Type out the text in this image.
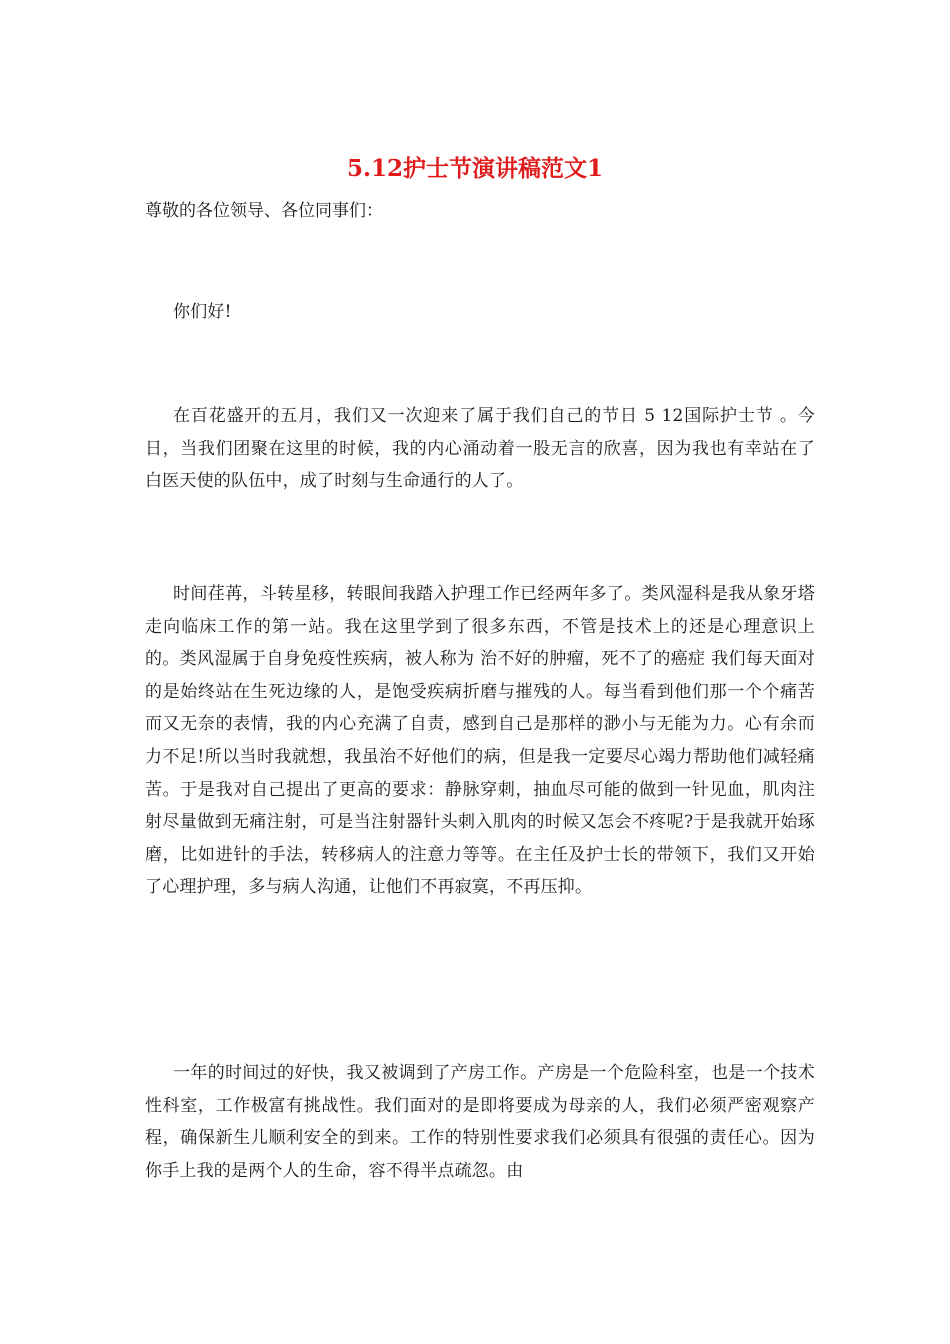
5.12护士节演讲稿范文1
尊敬的各位领导、各位同事们：
你们好!
在百花盛开的五月，我们又一次迎来了属于我们自己的节日 5 12国际护士节 。今日，当我们团聚在这里的时候，我的内心涌动着一股无言的欣喜，因为我也有幸站在了白医天使的队伍中，成了时刻与生命通行的人了。
时间荏苒，斗转星移，转眼间我踏入护理工作已经两年多了。类风湿科是我从象牙塔走向临床工作的第一站。我在这里学到了很多东西，不管是技术上的还是心理意识上的。类风湿属于自身免疫性疾病，被人称为 治不好的肿瘤，死不了的癌症 我们每天面对的是始终站在生死边缘的人，是饱受疾病折磨与摧残的人。每当看到他们那一个个痛苦而又无奈的表情，我的内心充满了自责，感到自己是那样的渺小与无能为力。心有余而力不足!所以当时我就想，我虽治不好他们的病，但是我一定要尽心竭力帮助他们减轻痛苦。于是我对自己提出了更高的要求：静脉穿刺，抽血尽可能的做到一针见血，肌肉注射尽量做到无痛注射，可是当注射器针头刺入肌肉的时候又怎会不疼呢?于是我就开始琢磨，比如进针的手法，转移病人的注意力等等。在主任及护士长的带领下，我们又开始了心理护理，多与病人沟通，让他们不再寂寞，不再压抑。
一年的时间过的好快，我又被调到了产房工作。产房是一个危险科室，也是一个技术性科室，工作极富有挑战性。我们面对的是即将要成为母亲的人，我们必须严密观察产程，确保新生儿顺利安全的到来。工作的特别性要求我们必须具有很强的责任心。因为你手上我的是两个人的生命，容不得半点疏忽。由
